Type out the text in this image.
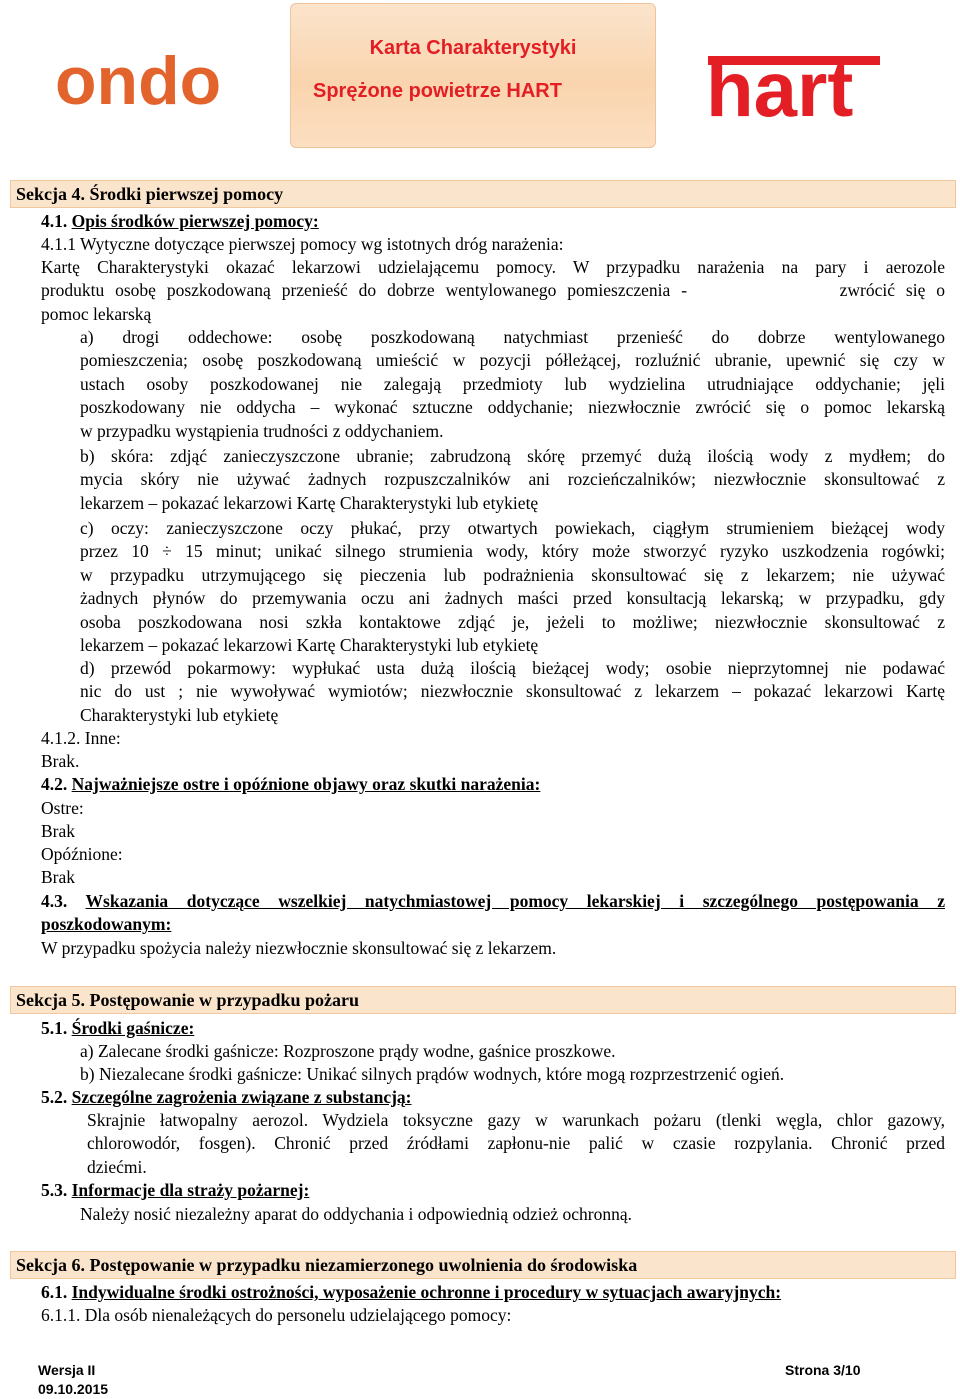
ondo	Karta Charakterystyki
Sprężone powietrze HART hart
Sekcja 4. Środki pierwszej pomocy
4.1. Opis środków pierwszej pomocy:
4.1.1 Wytyczne dotyczące pierwszej pomocy wg istotnych dróg narażenia:
Kartę Charakterystyki okazać lekarzowi udzielającemu pomocy. W przypadku narażenia na pary i aerozole
produktu osobę poszkodowaną przenieść do dobrze wentylowanego pomieszczenia -              zwrócić się o
pomoc lekarską
a) drogi oddechowe: osobę poszkodowaną natychmiast przenieść do dobrze wentylowanego
pomieszczenia; osobę poszkodowaną umieścić w pozycji półleżącej, rozluźnić ubranie, upewnić się czy w
ustach osoby poszkodowanej nie zalegają przedmioty lub wydzielina utrudniające oddychanie; jęli
poszkodowany nie oddycha – wykonać sztuczne oddychanie; niezwłocznie zwrócić się o pomoc lekarską
w przypadku wystąpienia trudności z oddychaniem.
b) skóra: zdjąć zanieczyszczone ubranie; zabrudzoną skórę przemyć dużą ilością wody z mydłem; do
mycia skóry nie używać żadnych rozpuszczalników ani rozcieńczalników; niezwłocznie skonsultować z
lekarzem – pokazać lekarzowi Kartę Charakterystyki lub etykietę
c) oczy: zanieczyszczone oczy płukać, przy otwartych powiekach, ciągłym strumieniem bieżącej wody
przez 10 ÷ 15 minut; unikać silnego strumienia wody, który może stworzyć ryzyko uszkodzenia rogówki;
w przypadku utrzymującego się pieczenia lub podrażnienia skonsultować się z lekarzem; nie używać
żadnych płynów do przemywania oczu ani żadnych maści przed konsultacją lekarską; w przypadku, gdy
osoba poszkodowana nosi szkła kontaktowe zdjąć je, jeżeli to możliwe; niezwłocznie skonsultować z
lekarzem – pokazać lekarzowi Kartę Charakterystyki lub etykietę
d) przewód pokarmowy: wypłukać usta dużą ilością bieżącej wody; osobie nieprzytomnej nie podawać
nic do ust ; nie wywoływać wymiotów; niezwłocznie skonsultować z lekarzem – pokazać lekarzowi Kartę
Charakterystyki lub etykietę
4.1.2. Inne:
Brak.
4.2. Najważniejsze ostre i opóźnione objawy oraz skutki narażenia:
Ostre:
Brak
Opóźnione:
Brak
4.3. Wskazania dotyczące wszelkiej natychmiastowej pomocy lekarskiej i szczególnego postępowania z
poszkodowanym:
W przypadku spożycia należy niezwłocznie skonsultować się z lekarzem.
Sekcja 5. Postępowanie w przypadku pożaru
5.1. Środki gaśnicze:
a) Zalecane środki gaśnicze: Rozproszone prądy wodne, gaśnice proszkowe.
b) Niezalecane środki gaśnicze: Unikać silnych prądów wodnych, które mogą rozprzestrzenić ogień.
5.2. Szczególne zagrożenia związane z substancją:
Skrajnie łatwopalny aerozol. Wydziela toksyczne gazy w warunkach pożaru (tlenki węgla, chlor gazowy,
chlorowodór, fosgen). Chronić przed źródłami zapłonu-nie palić w czasie rozpylania. Chronić przed
dziećmi.
5.3. Informacje dla straży pożarnej:
Należy nosić niezależny aparat do oddychania i odpowiednią odzież ochronną.
Sekcja 6. Postępowanie w przypadku niezamierzonego uwolnienia do środowiska
6.1. Indywidualne środki ostrożności, wyposażenie ochronne i procedury w sytuacjach awaryjnych:
6.1.1. Dla osób nienależących do personelu udzielającego pomocy:
Wersja II
09.10.2015
Strona 3/10
